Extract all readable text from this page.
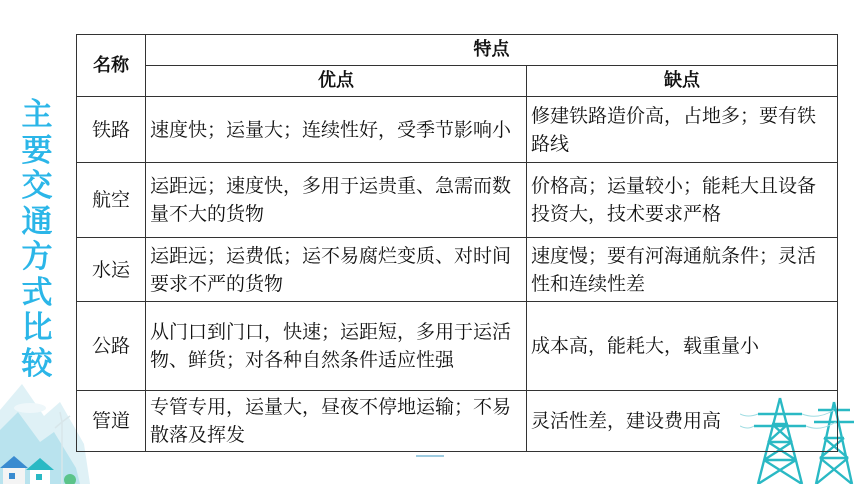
主
要
交
通
方
式
比
较
名称	特点	
	优点	缺点
铁路	速度快；运量大；连续性好，受季节影响小	修建铁路造价高，占地多；要有铁路线
航空	运距远；速度快，多用于运贵重、急需而数量不大的货物	价格高；运量较小；能耗大且设备投资大，技术要求严格
水运	运距远；运费低；运不易腐烂变质、对时间要求不严的货物	速度慢；要有河海通航条件；灵活性和连续性差
公路	从门口到门口，快速；运距短，多用于运活物、鲜货；对各种自然条件适应性强	成本高，能耗大，载重量小
管道	专管专用，运量大，昼夜不停地运输；不易散落及挥发	灵活性差，建设费用高
